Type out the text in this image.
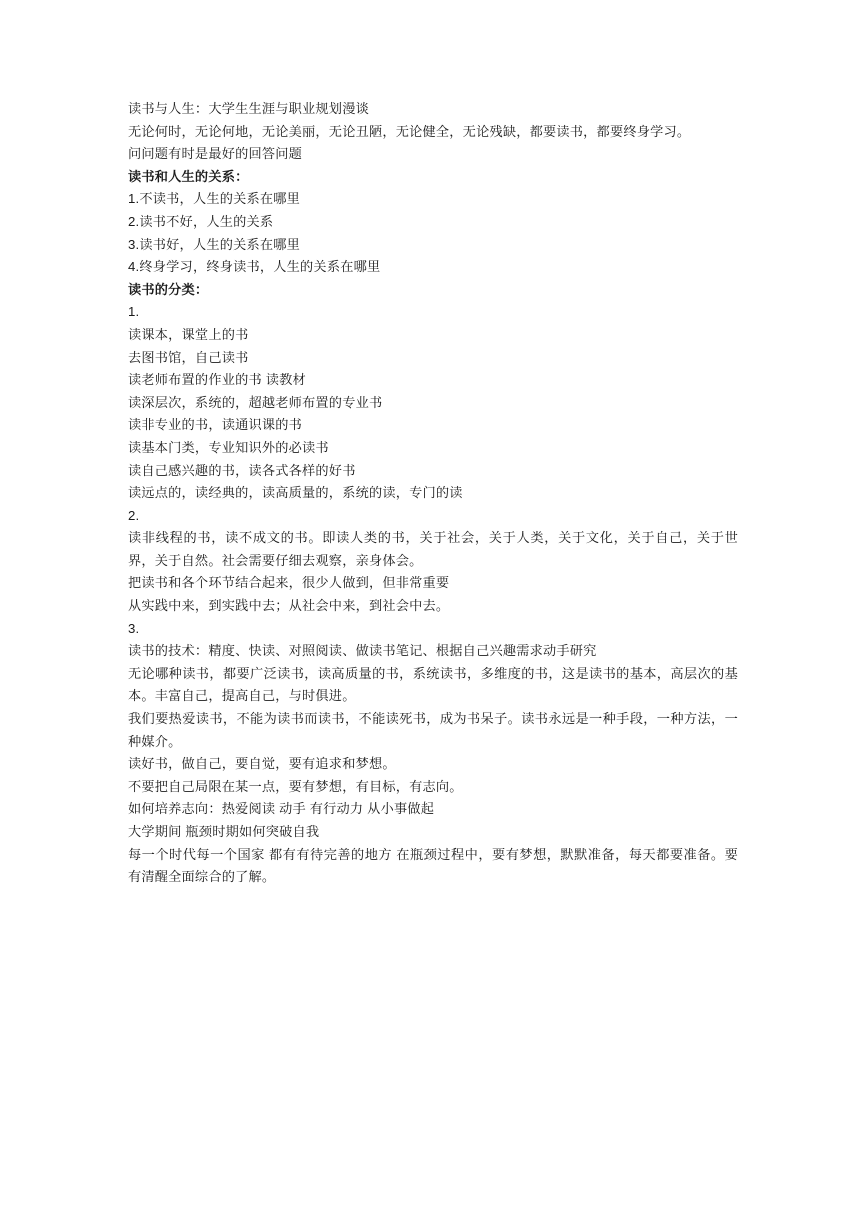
读书与人生：大学生生涯与职业规划漫谈

无论何时，无论何地，无论美丽，无论丑陋，无论健全，无论残缺，都要读书，都要终身学习。

问问题有时是最好的回答问题

读书和人生的关系：

1.不读书，人生的关系在哪里

2.读书不好，人生的关系

3.读书好，人生的关系在哪里

4.终身学习，终身读书，人生的关系在哪里

读书的分类：

1.

读课本，课堂上的书

去图书馆，自己读书

读老师布置的作业的书 读教材

读深层次，系统的，超越老师布置的专业书

读非专业的书，读通识课的书

读基本门类，专业知识外的必读书

读自己感兴趣的书，读各式各样的好书

读远点的，读经典的，读高质量的，系统的读，专门的读

2.

读非线程的书，读不成文的书。即读人类的书，关于社会，关于人类，关于文化，关于自己，关于世界，关于自然。社会需要仔细去观察，亲身体会。

把读书和各个环节结合起来，很少人做到，但非常重要

从实践中来，到实践中去；从社会中来，到社会中去。

3.

读书的技术：精度、快读、对照阅读、做读书笔记、根据自己兴趣需求动手研究

无论哪种读书，都要广泛读书，读高质量的书，系统读书，多维度的书，这是读书的基本，高层次的基本。丰富自己，提高自己，与时俱进。

我们要热爱读书，不能为读书而读书，不能读死书，成为书呆子。读书永远是一种手段，一种方法，一种媒介。

读好书，做自己，要自觉，要有追求和梦想。

不要把自己局限在某一点，要有梦想，有目标，有志向。

如何培养志向：热爱阅读 动手 有行动力 从小事做起

大学期间 瓶颈时期如何突破自我

每一个时代每一个国家 都有有待完善的地方 在瓶颈过程中，要有梦想，默默准备，每天都要准备。要有清醒全面综合的了解。
